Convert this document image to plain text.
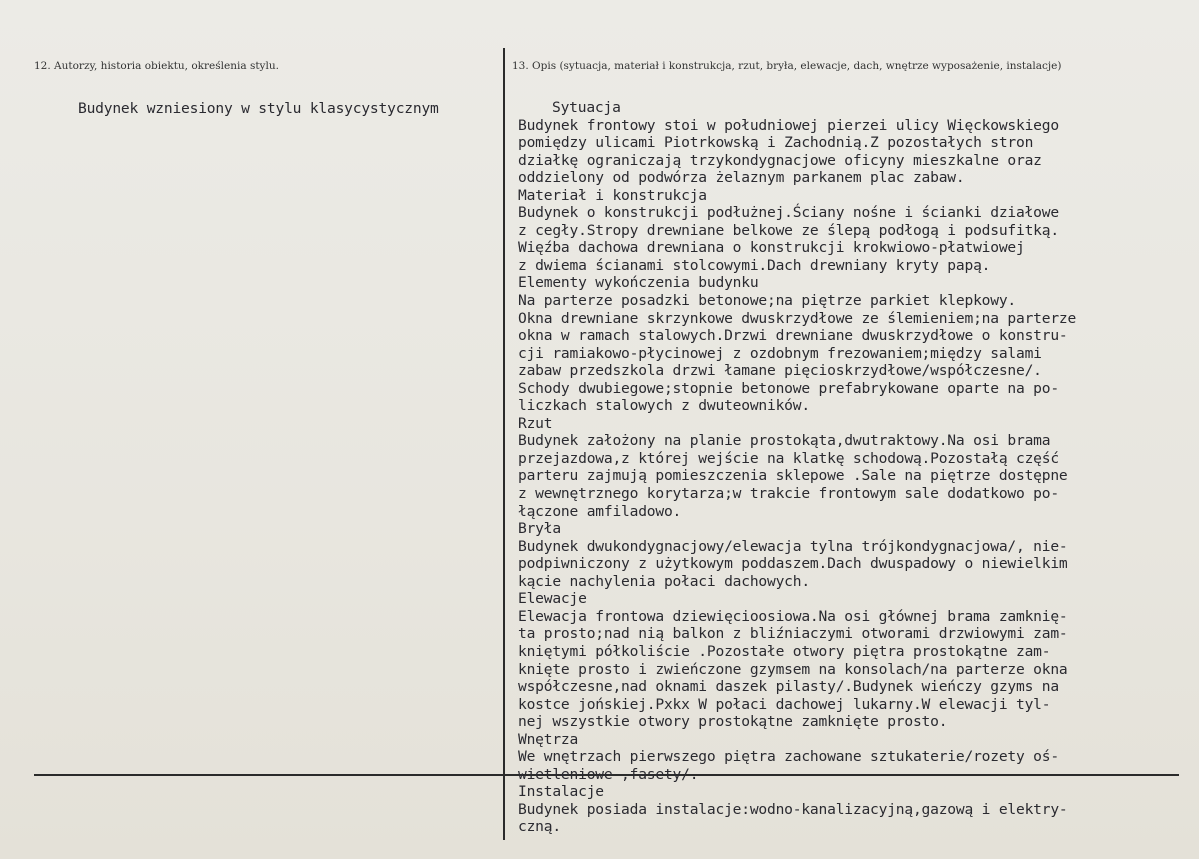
12. Autorzy, historia obiektu, określenia stylu.	13. Opis (sytuacja, materiał i konstrukcja, rzut, bryła, elewacje, dach, wnętrze wyposażenie, instalacje)
Budynek wzniesiony w stylu klasycystycznym	Sytuacja
Budynek frontowy stoi w południowej pierzei ulicy Więckowskiego
pomiędzy ulicami Piotrkowską i Zachodnią.Z pozostałych stron
działkę ograniczają trzykondygnacjowe oficyny mieszkalne oraz
oddzielony od podwórza żelaznym parkanem plac zabaw.
Materiał i konstrukcja
Budynek o konstrukcji podłużnej.Ściany nośne i ścianki działowe
z cegły.Stropy drewniane belkowe ze ślepą podłogą i podsufitką.
Więźba dachowa drewniana o konstrukcji krokwiowo-płatwiowej
z dwiema ścianami stolcowymi.Dach drewniany kryty papą.
Elementy wykończenia budynku
Na parterze posadzki betonowe;na piętrze parkiet klepkowy.
Okna drewniane skrzynkowe dwuskrzydłowe ze ślemieniem;na parterze
okna w ramach stalowych.Drzwi drewniane dwuskrzydłowe o konstru-
cji ramiakowo-płycinowej z ozdobnym frezowaniem;między salami
zabaw przedszkola drzwi łamane pięcioskrzydłowe/współczesne/.
Schody dwubiegowe;stopnie betonowe prefabrykowane oparte na po-
liczkach stalowych z dwuteowników.
Rzut
Budynek założony na planie prostokąta,dwutraktowy.Na osi brama
przejazdowa,z której wejście na klatkę schodową.Pozostałą część
parteru zajmują pomieszczenia sklepowe .Sale na piętrze dostępne
z wewnętrznego korytarza;w trakcie frontowym sale dodatkowo po-
łączone amfiladowo.
Bryła
Budynek dwukondygnacjowy/elewacja tylna trójkondygnacjowa/, nie-
podpiwniczony z użytkowym poddaszem.Dach dwuspadowy o niewielkim
kącie nachylenia połaci dachowych.
Elewacje
Elewacja frontowa dziewięcioosiowa.Na osi głównej brama zamknię-
ta prosto;nad nią balkon z bliźniaczymi otworami drzwiowymi zam-
kniętymi półkoliście .Pozostałe otwory piętra prostokątne zam-
knięte prosto i zwieńczone gzymsem na konsolach/na parterze okna
współczesne,nad oknami daszek pilasty/.Budynek wieńczy gzyms na
kostce jońskiej.Pxkx W połaci dachowej lukarny.W elewacji tyl-
nej wszystkie otwory prostokątne zamknięte prosto.
Wnętrza
We wnętrzach pierwszego piętra zachowane sztukaterie/rozety oś-
wietleniowe ,fasety/.
Instalacje
Budynek posiada instalacje:wodno-kanalizacyjną,gazową i elektry-
czną.
